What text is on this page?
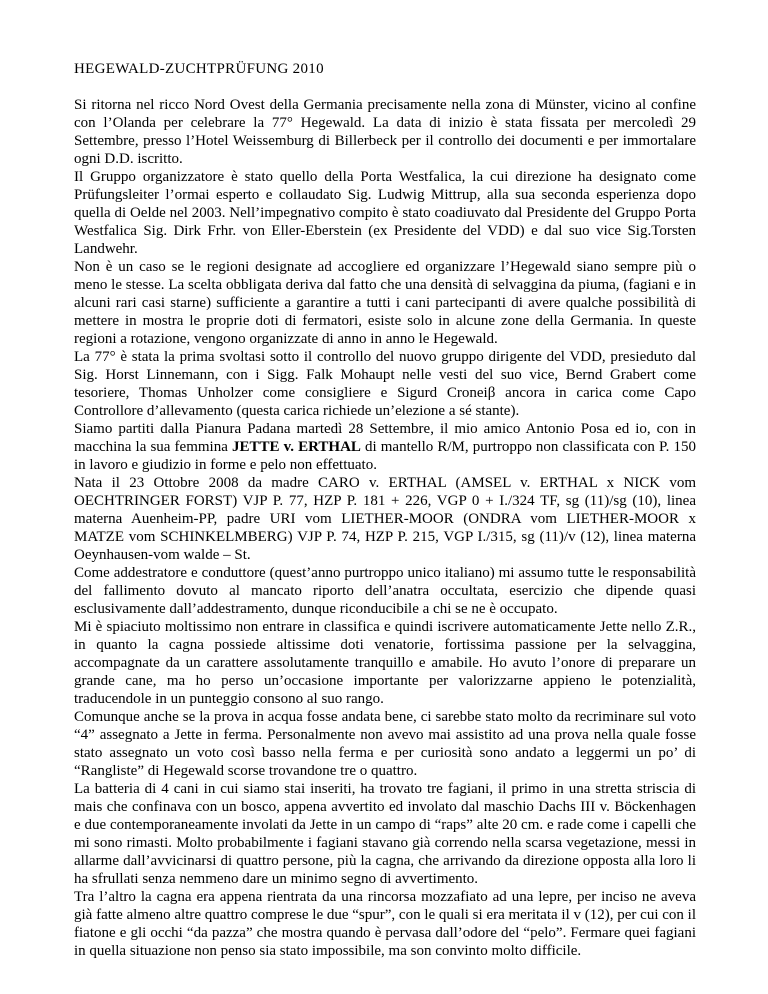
HEGEWALD-ZUCHTPRÜFUNG 2010

Si ritorna nel ricco Nord Ovest della Germania precisamente nella zona di Münster, vicino al confine con l’Olanda per celebrare la 77° Hegewald. La data di inizio è stata fissata per mercoledì 29 Settembre, presso l’Hotel Weissemburg di Billerbeck per il controllo dei documenti e per immortalare ogni D.D. iscritto.

Il Gruppo organizzatore è stato quello della Porta Westfalica, la cui direzione ha designato come Prüfungsleiter l’ormai esperto e collaudato Sig. Ludwig Mittrup, alla sua seconda esperienza dopo quella di Oelde nel 2003. Nell’impegnativo compito è stato coadiuvato dal Presidente del Gruppo Porta Westfalica Sig. Dirk Frhr. von Eller-Eberstein (ex Presidente del VDD) e dal suo vice Sig.Torsten Landwehr.

Non è un caso se le regioni designate ad accogliere ed organizzare l’Hegewald siano sempre più o meno le stesse. La scelta obbligata deriva dal fatto che una densità di selvaggina da piuma, (fagiani e in alcuni rari casi starne) sufficiente a garantire a tutti i cani partecipanti di avere qualche possibilità di mettere in mostra le proprie doti di fermatori, esiste solo in alcune zone della Germania. In queste regioni a rotazione, vengono organizzate di anno in anno le Hegewald.

La 77° è stata la prima svoltasi sotto il controllo del nuovo gruppo dirigente del VDD, presieduto dal Sig. Horst Linnemann, con i Sigg. Falk Mohaupt nelle vesti del suo vice, Bernd Grabert come tesoriere, Thomas Unholzer come consigliere e Sigurd Croneiβ ancora in carica come Capo Controllore d’allevamento (questa carica richiede un’elezione a sé stante).

Siamo partiti dalla Pianura Padana martedì 28 Settembre, il mio amico Antonio Posa ed io, con in macchina la sua femmina JETTE v. ERTHAL di mantello R/M, purtroppo non classificata con P. 150 in lavoro e giudizio in forme e pelo non effettuato.

Nata il 23 Ottobre 2008 da madre CARO v. ERTHAL (AMSEL v. ERTHAL x NICK vom OECHTRINGER FORST) VJP P. 77, HZP P. 181 + 226, VGP 0 + I./324 TF, sg (11)/sg (10), linea materna Auenheim-PP, padre URI vom LIETHER-MOOR (ONDRA vom LIETHER-MOOR x MATZE vom SCHINKELMBERG) VJP P. 74, HZP P. 215, VGP I./315, sg (11)/v (12), linea materna Oeynhausen-vom walde – St.

Come addestratore e conduttore (quest’anno purtroppo unico italiano) mi assumo tutte le responsabilità del fallimento dovuto al mancato riporto dell’anatra occultata, esercizio che dipende quasi esclusivamente dall’addestramento, dunque riconducibile a chi se ne è occupato.

Mi è spiaciuto moltissimo non entrare in classifica e quindi iscrivere automaticamente Jette nello Z.R., in quanto la cagna possiede altissime doti venatorie, fortissima passione per la selvaggina, accompagnate da un carattere assolutamente tranquillo e amabile. Ho avuto l’onore di preparare un grande cane, ma ho perso un’occasione importante per valorizzarne appieno le potenzialità, traducendole in un punteggio consono al suo rango.

Comunque anche se la prova in acqua fosse andata bene, ci sarebbe stato molto da recriminare sul voto “4” assegnato a Jette in ferma. Personalmente non avevo mai assistito ad una prova nella quale fosse stato assegnato un voto così basso nella ferma e per curiosità sono andato a leggermi un po’ di “Rangliste” di Hegewald scorse trovandone tre o quattro.

La batteria di 4 cani in cui siamo stai inseriti, ha trovato tre fagiani, il primo in una stretta striscia di mais che confinava con un bosco, appena avvertito ed involato dal maschio Dachs III v. Böckenhagen e due contemporaneamente involati da Jette in un campo di “raps” alte 20 cm. e rade come i capelli che mi sono rimasti. Molto probabilmente i fagiani stavano già correndo nella scarsa vegetazione, messi in allarme dall’avvicinarsi di quattro persone, più la cagna, che arrivando da direzione opposta alla loro li ha sfrullati senza nemmeno dare un minimo segno di avvertimento.

Tra l’altro la cagna era appena rientrata da una rincorsa mozzafiato ad una lepre, per inciso ne aveva già fatte almeno altre quattro comprese le due “spur”, con le quali si era meritata il v (12), per cui con il fiatone e gli occhi “da pazza” che mostra quando è pervasa dall’odore del “pelo”. Fermare quei fagiani in quella situazione non penso sia stato impossibile, ma son convinto molto difficile.
